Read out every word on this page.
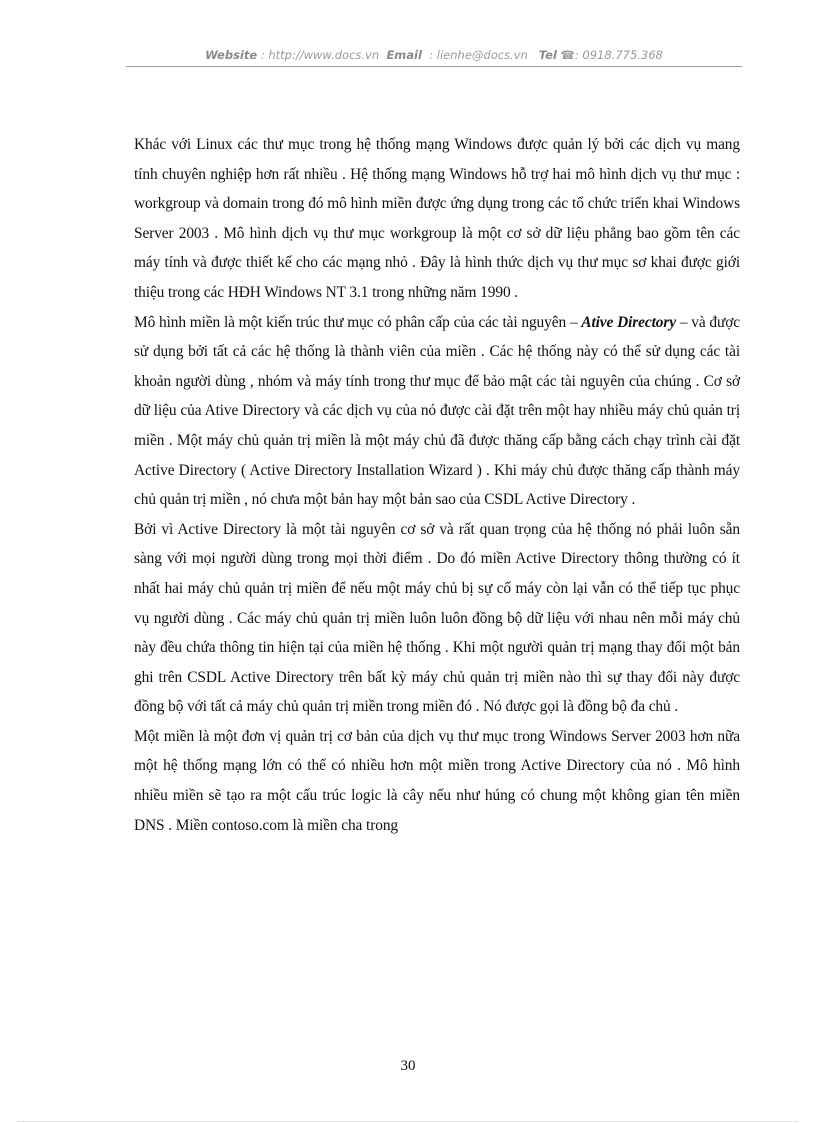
Website : http://www.docs.vn Email : lienhe@docs.vn Tel ☎: 0918.775.368

Khác với Linux các thư mục trong hệ thống mạng Windows được quản lý bởi các dịch vụ mang tính chuyên nghiệp hơn rất nhiều . Hệ thống mạng Windows hỗ trợ hai mô hình dịch vụ thư mục : workgroup và domain trong đó mô hình miền được ứng dụng trong các tổ chức triển khai Windows Server 2003 . Mô hình dịch vụ thư mục workgroup là một cơ sở dữ liệu phẳng bao gồm tên các máy tính và được thiết kế cho các mạng nhỏ . Đây là hình thức dịch vụ thư mục sơ khai được giới thiệu trong các HĐH Windows NT 3.1 trong những năm 1990 .

Mô hình miền là một kiến trúc thư mục có phân cấp của các tài nguyên – Ative Directory – và được sử dụng bởi tất cả các hệ thống là thành viên của miền . Các hệ thống này có thể sử dụng các tài khoản người dùng , nhóm và máy tính trong thư mục để bảo mật các tài nguyên của chúng . Cơ sở dữ liệu của Ative Directory và các dịch vụ của nó được cài đặt trên một hay nhiều máy chủ quản trị miền . Một máy chủ quản trị miền là một máy chủ đã được thăng cấp bằng cách chạy trình cài đặt Active Directory ( Active Directory Installation Wizard ) . Khi máy chủ được thăng cấp thành máy chủ quản trị miền , nó chưa một bản hay một bản sao của CSDL Active Directory .

Bởi vì Active Directory là một tài nguyên cơ sở và rất quan trọng của hệ thống nó phải luôn sẵn sàng với mọi người dùng trong mọi thời điểm . Do đó miền Active Directory thông thường có ít nhất hai máy chủ quản trị miền để nếu một máy chủ bị sự cố máy còn lại vẫn có thể tiếp tục phục vụ người dùng . Các máy chủ quản trị miền luôn luôn đồng bộ dữ liệu với nhau nên mỗi máy chủ này đều chứa thông tin hiện tại của miền hệ thống . Khi một người quản trị mạng thay đổi một bản ghi trên CSDL Active Directory trên bất kỳ máy chủ quản trị miền nào thì sự thay đổi này được đồng bộ với tất cả máy chủ quản trị miền trong miền đó . Nó được gọi là đồng bộ đa chủ .

Một miền là một đơn vị quản trị cơ bản của dịch vụ thư mục trong Windows Server 2003 hơn nữa một hệ thống mạng lớn có thể có nhiều hơn một miền trong Active Directory của nó . Mô hình nhiều miền sẽ tạo ra một cấu trúc logic là cây nếu như húng có chung một không gian tên miền DNS . Miền contoso.com là miền cha trong

30
